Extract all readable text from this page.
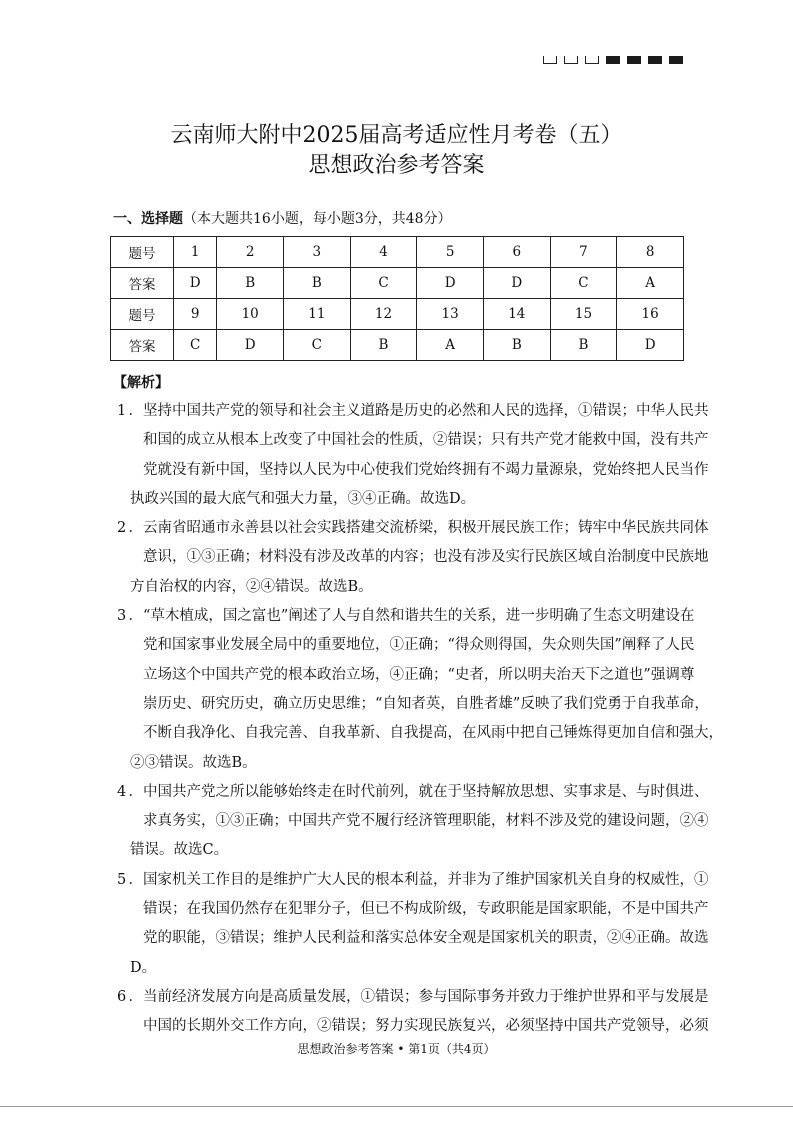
云南师大附中2025届高考适应性月考卷（五）
思想政治参考答案
一、选择题（本大题共16小题，每小题3分，共48分）
题号	1	2	3	4	5	6	7	8
答案	D	B	B	C	D	D	C	A
题号	9	10	11	12	13	14	15	16
答案	C	D	C	B	A	B	B	D
【解析】
1．坚持中国共产党的领导和社会主义道路是历史的必然和人民的选择，①错误；中华人民共
和国的成立从根本上改变了中国社会的性质，②错误；只有共产党才能救中国，没有共产
党就没有新中国，坚持以人民为中心使我们党始终拥有不竭力量源泉，党始终把人民当作
执政兴国的最大底气和强大力量，③④正确。故选D。
2．云南省昭通市永善县以社会实践搭建交流桥梁，积极开展民族工作；铸牢中华民族共同体
意识，①③正确；材料没有涉及改革的内容；也没有涉及实行民族区域自治制度中民族地
方自治权的内容，②④错误。故选B。
3．“草木植成，国之富也”阐述了人与自然和谐共生的关系，进一步明确了生态文明建设在
党和国家事业发展全局中的重要地位，①正确；“得众则得国，失众则失国”阐释了人民
立场这个中国共产党的根本政治立场，④正确；“史者，所以明夫治天下之道也”强调尊
崇历史、研究历史，确立历史思维；“自知者英，自胜者雄”反映了我们党勇于自我革命，
不断自我净化、自我完善、自我革新、自我提高，在风雨中把自己锤炼得更加自信和强大，
②③错误。故选B。
4．中国共产党之所以能够始终走在时代前列，就在于坚持解放思想、实事求是、与时俱进、
求真务实，①③正确；中国共产党不履行经济管理职能，材料不涉及党的建设问题，②④
错误。故选C。
5．国家机关工作目的是维护广大人民的根本利益，并非为了维护国家机关自身的权威性，①
错误；在我国仍然存在犯罪分子，但已不构成阶级，专政职能是国家职能，不是中国共产
党的职能，③错误；维护人民利益和落实总体安全观是国家机关的职责，②④正确。故选
D。
6．当前经济发展方向是高质量发展，①错误；参与国际事务并致力于维护世界和平与发展是
中国的长期外交工作方向，②错误；努力实现民族复兴，必须坚持中国共产党领导，必须
思想政治参考答案 • 第1页（共4页）
